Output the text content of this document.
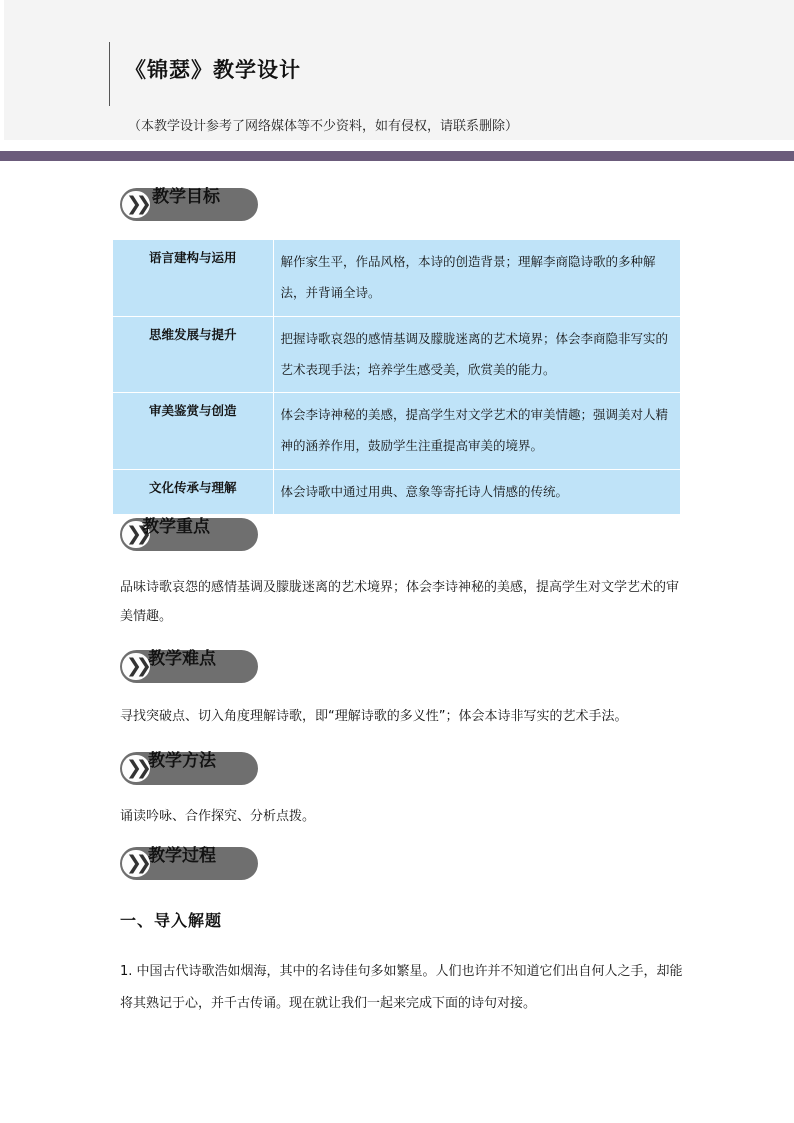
《锦瑟》教学设计
（本教学设计参考了网络媒体等不少资料，如有侵权，请联系删除）
❯❯ 教学目标
语言建构与运用	解作家生平，作品风格，本诗的创造背景；理解李商隐诗歌的多种解法，并背诵全诗。
思维发展与提升	把握诗歌哀怨的感情基调及朦胧迷离的艺术境界；体会李商隐非写实的艺术表现手法；培养学生感受美，欣赏美的能力。
审美鉴赏与创造	体会李诗神秘的美感，提高学生对文学艺术的审美情趣；强调美对人精神的涵养作用，鼓励学生注重提高审美的境界。
文化传承与理解	体会诗歌中通过用典、意象等寄托诗人情感的传统。
❯❯
教学重点
品味诗歌哀怨的感情基调及朦胧迷离的艺术境界；体会李诗神秘的美感，提高学生对文学艺术的审美情趣。
❯❯ 教学难点
寻找突破点、切入角度理解诗歌，即“理解诗歌的多义性”；体会本诗非写实的艺术手法。
❯❯ 教学方法
诵读吟咏、合作探究、分析点拨。
❯❯ 教学过程
一、导入解题
1. 中国古代诗歌浩如烟海，其中的名诗佳句多如繁星。人们也许并不知道它们出自何人之手，却能将其熟记于心，并千古传诵。现在就让我们一起来完成下面的诗句对接。
